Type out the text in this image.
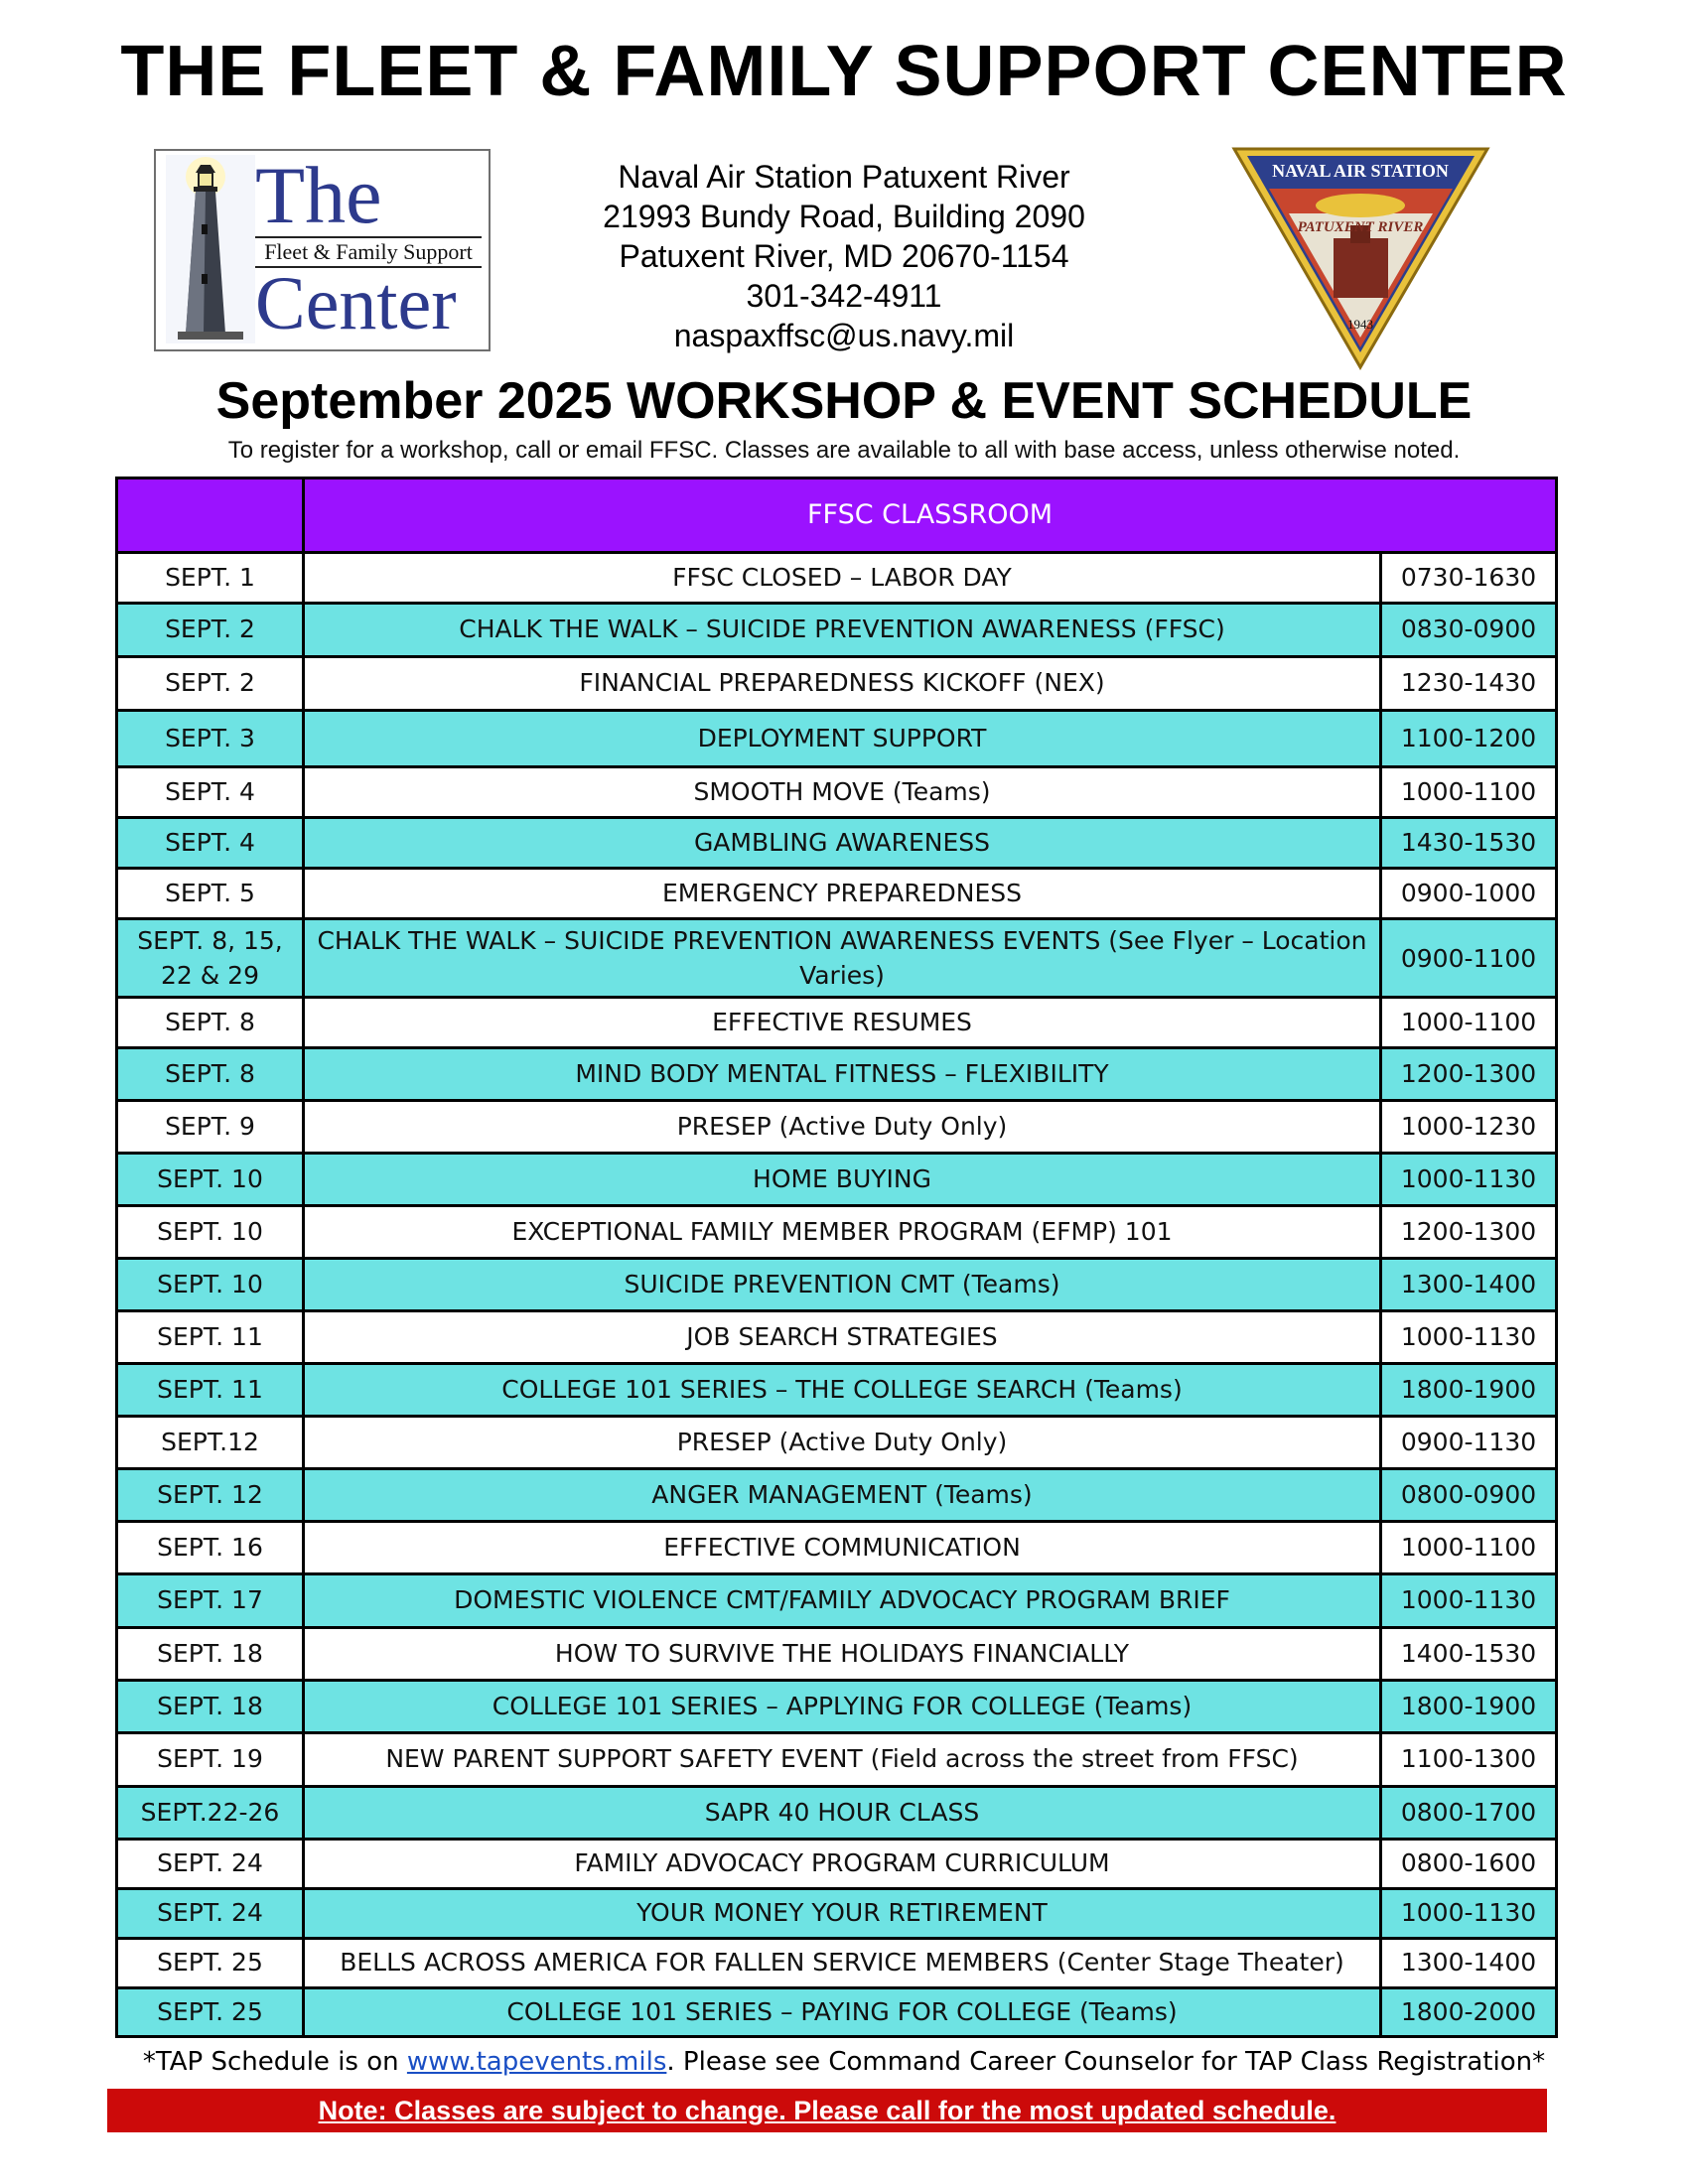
THE FLEET & FAMILY SUPPORT CENTER
The
Fleet & Family Support
Center
Naval Air Station Patuxent River
21993 Bundy Road, Building 2090
Patuxent River, MD 20670-1154
301-342-4911
naspaxffsc@us.navy.mil
NAVAL AIR STATION
PATUXENT RIVER
1943
September 2025 WORKSHOP & EVENT SCHEDULE
To register for a workshop, call or email FFSC. Classes are available to all with base access, unless otherwise noted.
	FFSC CLASSROOM	
SEPT. 1	FFSC CLOSED – LABOR DAY	0730-1630
SEPT. 2	CHALK THE WALK – SUICIDE PREVENTION AWARENESS (FFSC)	0830-0900
SEPT. 2	FINANCIAL PREPAREDNESS KICKOFF (NEX)	1230-1430
SEPT. 3	DEPLOYMENT SUPPORT	1100-1200
SEPT. 4	SMOOTH MOVE (Teams)	1000-1100
SEPT. 4	GAMBLING AWARENESS	1430-1530
SEPT. 5	EMERGENCY PREPAREDNESS	0900-1000
SEPT. 8, 15, 22 & 29	CHALK THE WALK – SUICIDE PREVENTION AWARENESS EVENTS (See Flyer – Location Varies)	0900-1100
SEPT. 8	EFFECTIVE RESUMES	1000-1100
SEPT. 8	MIND BODY MENTAL FITNESS – FLEXIBILITY	1200-1300
SEPT. 9	PRESEP (Active Duty Only)	1000-1230
SEPT. 10	HOME BUYING	1000-1130
SEPT. 10	EXCEPTIONAL FAMILY MEMBER PROGRAM (EFMP) 101	1200-1300
SEPT. 10	SUICIDE PREVENTION CMT (Teams)	1300-1400
SEPT. 11	JOB SEARCH STRATEGIES	1000-1130
SEPT. 11	COLLEGE 101 SERIES – THE COLLEGE SEARCH (Teams)	1800-1900
SEPT.12	PRESEP (Active Duty Only)	0900-1130
SEPT. 12	ANGER MANAGEMENT (Teams)	0800-0900
SEPT. 16	EFFECTIVE COMMUNICATION	1000-1100
SEPT. 17	DOMESTIC VIOLENCE CMT/FAMILY ADVOCACY PROGRAM BRIEF	1000-1130
SEPT. 18	HOW TO SURVIVE THE HOLIDAYS FINANCIALLY	1400-1530
SEPT. 18	COLLEGE 101 SERIES – APPLYING FOR COLLEGE (Teams)	1800-1900
SEPT. 19	NEW PARENT SUPPORT SAFETY EVENT (Field across the street from FFSC)	1100-1300
SEPT.22-26	SAPR 40 HOUR CLASS	0800-1700
SEPT. 24	FAMILY ADVOCACY PROGRAM CURRICULUM	0800-1600
SEPT. 24	YOUR MONEY YOUR RETIREMENT	1000-1130
SEPT. 25	BELLS ACROSS AMERICA FOR FALLEN SERVICE MEMBERS (Center Stage Theater)	1300-1400
SEPT. 25	COLLEGE 101 SERIES – PAYING FOR COLLEGE (Teams)	1800-2000
*TAP Schedule is on www.tapevents.mils. Please see Command Career Counselor for TAP Class Registration*
Note: Classes are subject to change. Please call for the most updated schedule.
